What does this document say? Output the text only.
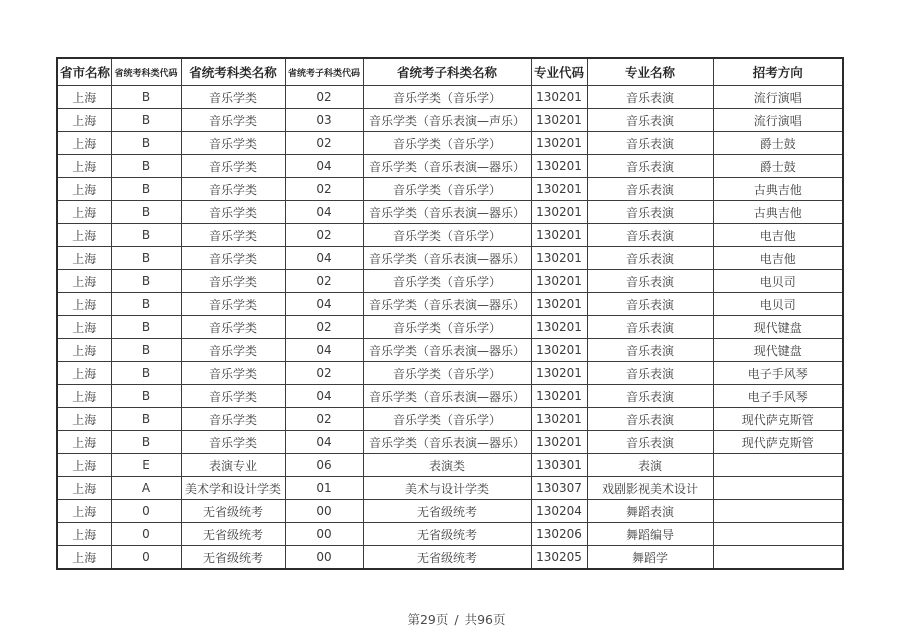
省市名称	省统考科类代码	省统考科类名称	省统考子科类代码	省统考子科类名称	专业代码	专业名称	招考方向
上海	B	音乐学类	02	音乐学类（音乐学）	130201	音乐表演	流行演唱
上海	B	音乐学类	03	音乐学类（音乐表演—声乐）	130201	音乐表演	流行演唱
上海	B	音乐学类	02	音乐学类（音乐学）	130201	音乐表演	爵士鼓
上海	B	音乐学类	04	音乐学类（音乐表演—器乐）	130201	音乐表演	爵士鼓
上海	B	音乐学类	02	音乐学类（音乐学）	130201	音乐表演	古典吉他
上海	B	音乐学类	04	音乐学类（音乐表演—器乐）	130201	音乐表演	古典吉他
上海	B	音乐学类	02	音乐学类（音乐学）	130201	音乐表演	电吉他
上海	B	音乐学类	04	音乐学类（音乐表演—器乐）	130201	音乐表演	电吉他
上海	B	音乐学类	02	音乐学类（音乐学）	130201	音乐表演	电贝司
上海	B	音乐学类	04	音乐学类（音乐表演—器乐）	130201	音乐表演	电贝司
上海	B	音乐学类	02	音乐学类（音乐学）	130201	音乐表演	现代键盘
上海	B	音乐学类	04	音乐学类（音乐表演—器乐）	130201	音乐表演	现代键盘
上海	B	音乐学类	02	音乐学类（音乐学）	130201	音乐表演	电子手风琴
上海	B	音乐学类	04	音乐学类（音乐表演—器乐）	130201	音乐表演	电子手风琴
上海	B	音乐学类	02	音乐学类（音乐学）	130201	音乐表演	现代萨克斯管
上海	B	音乐学类	04	音乐学类（音乐表演—器乐）	130201	音乐表演	现代萨克斯管
上海	E	表演专业	06	表演类	130301	表演	
上海	A	美术学和设计学类	01	美术与设计学类	130307	戏剧影视美术设计	
上海	0	无省级统考	00	无省级统考	130204	舞蹈表演	
上海	0	无省级统考	00	无省级统考	130206	舞蹈编导	
上海	0	无省级统考	00	无省级统考	130205	舞蹈学	
第29页 / 共96页
